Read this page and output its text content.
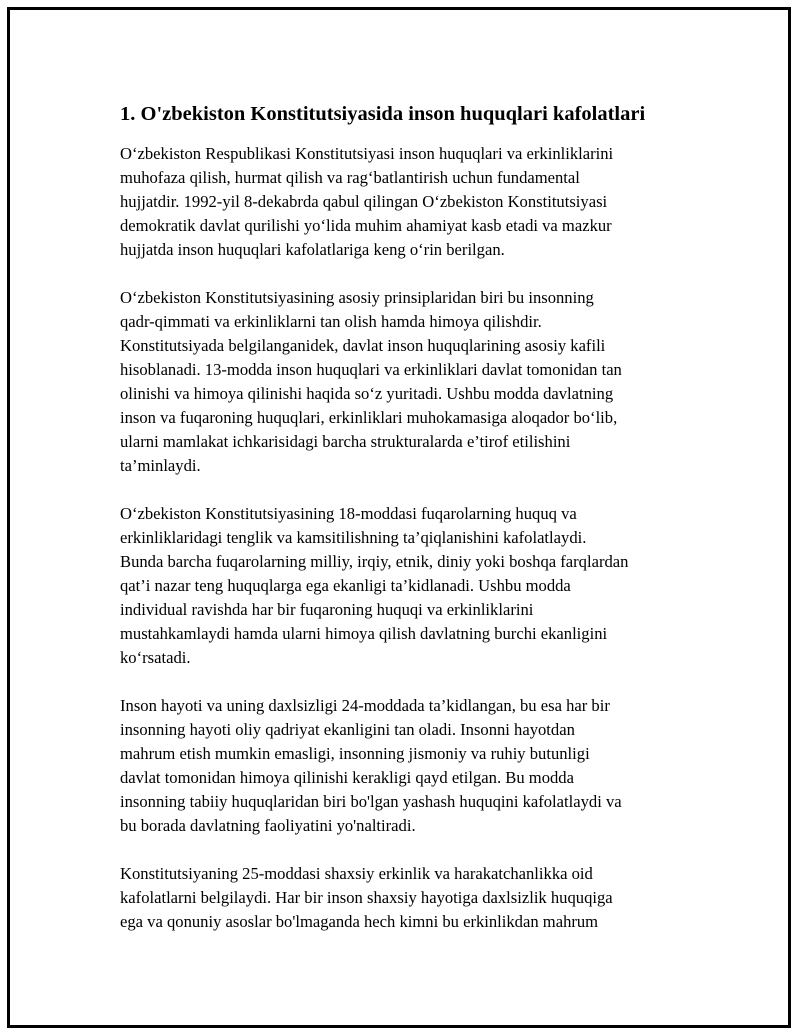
1. O'zbekiston Konstitutsiyasida inson huquqlari kafolatlari
O‘zbekiston Respublikasi Konstitutsiyasi inson huquqlari va erkinliklarini
muhofaza qilish, hurmat qilish va rag‘batlantirish uchun fundamental
hujjatdir. 1992-yil 8-dekabrda qabul qilingan O‘zbekiston Konstitutsiyasi
demokratik davlat qurilishi yo‘lida muhim ahamiyat kasb etadi va mazkur
hujjatda inson huquqlari kafolatlariga keng o‘rin berilgan.
O‘zbekiston Konstitutsiyasining asosiy prinsiplaridan biri bu insonning
qadr-qimmati va erkinliklarni tan olish hamda himoya qilishdir.
Konstitutsiyada belgilanganidek, davlat inson huquqlarining asosiy kafili
hisoblanadi. 13-modda inson huquqlari va erkinliklari davlat tomonidan tan
olinishi va himoya qilinishi haqida so‘z yuritadi. Ushbu modda davlatning
inson va fuqaroning huquqlari, erkinliklari muhokamasiga aloqador bo‘lib,
ularni mamlakat ichkarisidagi barcha strukturalarda e’tirof etilishini
ta’minlaydi.
O‘zbekiston Konstitutsiyasining 18-moddasi fuqarolarning huquq va
erkinliklaridagi tenglik va kamsitilishning ta’qiqlanishini kafolatlaydi.
Bunda barcha fuqarolarning milliy, irqiy, etnik, diniy yoki boshqa farqlardan
qat’i nazar teng huquqlarga ega ekanligi ta’kidlanadi. Ushbu modda
individual ravishda har bir fuqaroning huquqi va erkinliklarini
mustahkamlaydi hamda ularni himoya qilish davlatning burchi ekanligini
ko‘rsatadi.
Inson hayoti va uning daxlsizligi 24-moddada ta’kidlangan, bu esa har bir
insonning hayoti oliy qadriyat ekanligini tan oladi. Insonni hayotdan
mahrum etish mumkin emasligi, insonning jismoniy va ruhiy butunligi
davlat tomonidan himoya qilinishi kerakligi qayd etilgan. Bu modda
insonning tabiiy huquqlaridan biri bo'lgan yashash huquqini kafolatlaydi va
bu borada davlatning faoliyatini yo'naltiradi.
Konstitutsiyaning 25-moddasi shaxsiy erkinlik va harakatchanlikka oid
kafolatlarni belgilaydi. Har bir inson shaxsiy hayotiga daxlsizlik huquqiga
ega va qonuniy asoslar bo'lmaganda hech kimni bu erkinlikdan mahrum
